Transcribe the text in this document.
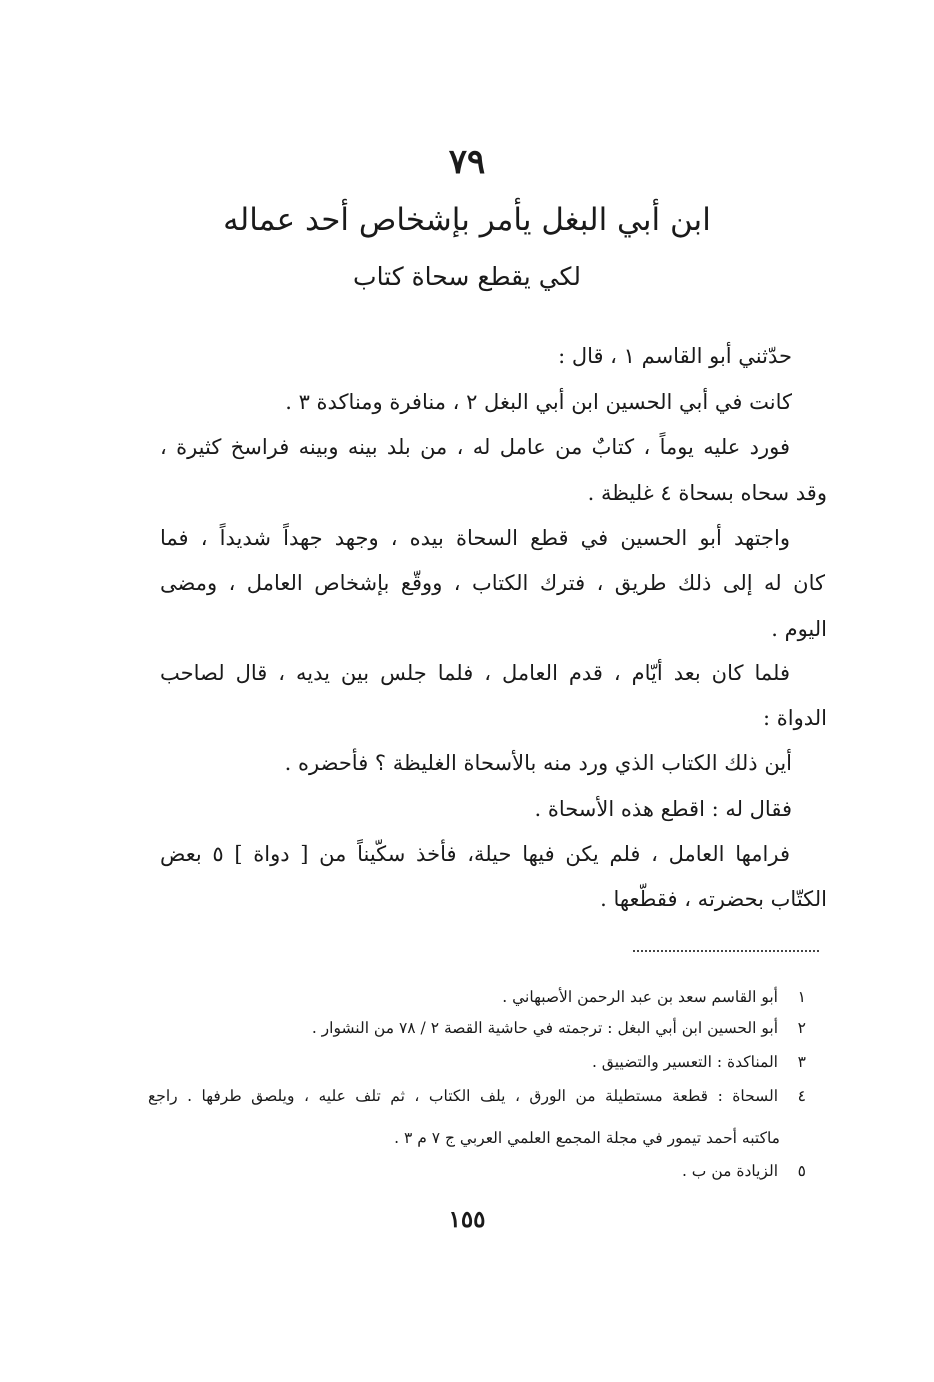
٧٩
ابن أبي البغل يأمر بإشخاص أحد عماله
لكي يقطع سحاة كتاب
حدّثني أبو القاسم ١ ، قال :
كانت في أبي الحسين ابن أبي البغل ٢ ، منافرة ومناكدة ٣ .
فورد عليه يوماً ، كتابٌ من عامل له ، من بلد بينه وبينه فراسخ كثيرة ،
وقد سحاه بسحاة ٤ غليظة .
واجتهد أبو الحسين في قطع السحاة بيده ، وجهد جهداً شديداً ، فما
كان له إلى ذلك طريق ، فترك الكتاب ، ووقّع بإشخاص العامل ، ومضى
اليوم .
فلما كان بعد أيّام ، قدم العامل ، فلما جلس بين يديه ، قال لصاحب
الدواة :
أين ذلك الكتاب الذي ورد منه بالأسحاة الغليظة ؟ فأحضره .
فقال له : اقطع هذه الأسحاة .
فرامها العامل ، فلم يكن فيها حيلة، فأخذ سكّيناً من [ دواة ] ٥ بعض
الكتّاب بحضرته ، فقطّعها .
١أبو القاسم سعد بن عبد الرحمن الأصبهاني .
٢أبو الحسين ابن أبي البغل : ترجمته في حاشية القصة ٢ / ٧٨ من النشوار .
٣المناكدة : التعسير والتضييق .
٤السحاة : قطعة مستطيلة من الورق ، يلف الكتاب ، ثم تلف عليه ، ويلصق طرفها . راجع
ماكتبه أحمد تيمور في مجلة المجمع العلمي العربي ج ٧ م ٣ .
٥الزيادة من ب .
١٥٥
